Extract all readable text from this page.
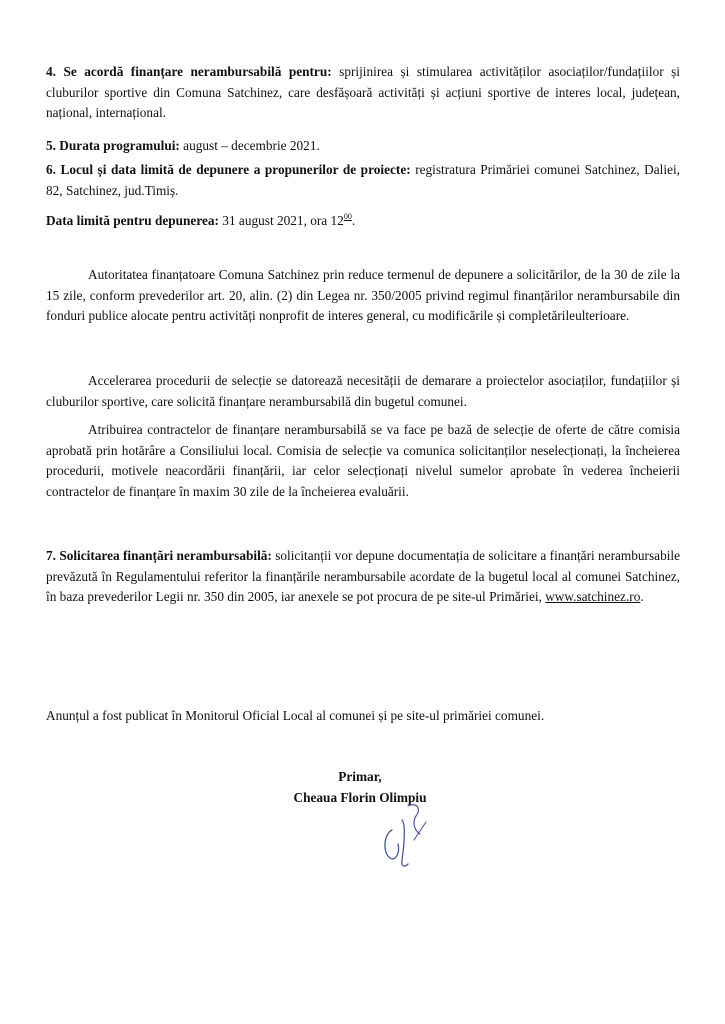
4. Se acordă finanțare nerambursabilă pentru: sprijinirea și stimularea activităților asociaților/fundațiilor și cluburilor sportive din Comuna Satchinez, care desfășoară activități și acțiuni sportive de interes local, județean, național, internațional.

5. Durata programului: august – decembrie 2021.

6. Locul și data limită de depunere a propunerilor de proiecte: registratura Primăriei comunei Satchinez, Daliei, 82, Satchinez, jud.Timiș.

Data limită pentru depunerea: 31 august 2021, ora $12^{00}$.

Autoritatea finanțatoare Comuna Satchinez prin reduce termenul de depunere a solicitărilor, de la 30 de zile la 15 zile, conform prevederilor art. 20, alin. (2) din Legea nr. 350/2005 privind regimul finanțărilor nerambursabile din fonduri publice alocate pentru activități nonprofit de interes general, cu modificările și completărileulterioare.

Accelerarea procedurii de selecție se datorează necesității de demarare a proiectelor asociaților, fundațiilor și cluburilor sportive, care solicită finanțare nerambursabilă din bugetul comunei.

Atribuirea contractelor de finanțare nerambursabilă se va face pe bază de selecție de oferte de către comisia aprobată prin hotărâre a Consiliului local. Comisia de selecție va comunica solicitanților neselecționați, la încheierea procedurii, motivele neacordării finanțării, iar celor selecționați nivelul sumelor aprobate în vederea încheierii contractelor de finanțare în maxim 30 zile de la încheierea evaluării.

7. Solicitarea finanțări nerambursabilă: solicitanții vor depune documentația de solicitare a finanțări nerambursabile prevăzută în Regulamentului referitor la finanțările nerambursabile acordate de la bugetul local al comunei Satchinez, în baza prevederilor Legii nr. 350 din 2005, iar anexele se pot procura de pe site-ul Primăriei, www.satchinez.ro.

Anunțul a fost publicat în Monitorul Oficial Local al comunei și pe site-ul primăriei comunei.

Primar,

Cheaua Florin Olimpiu
